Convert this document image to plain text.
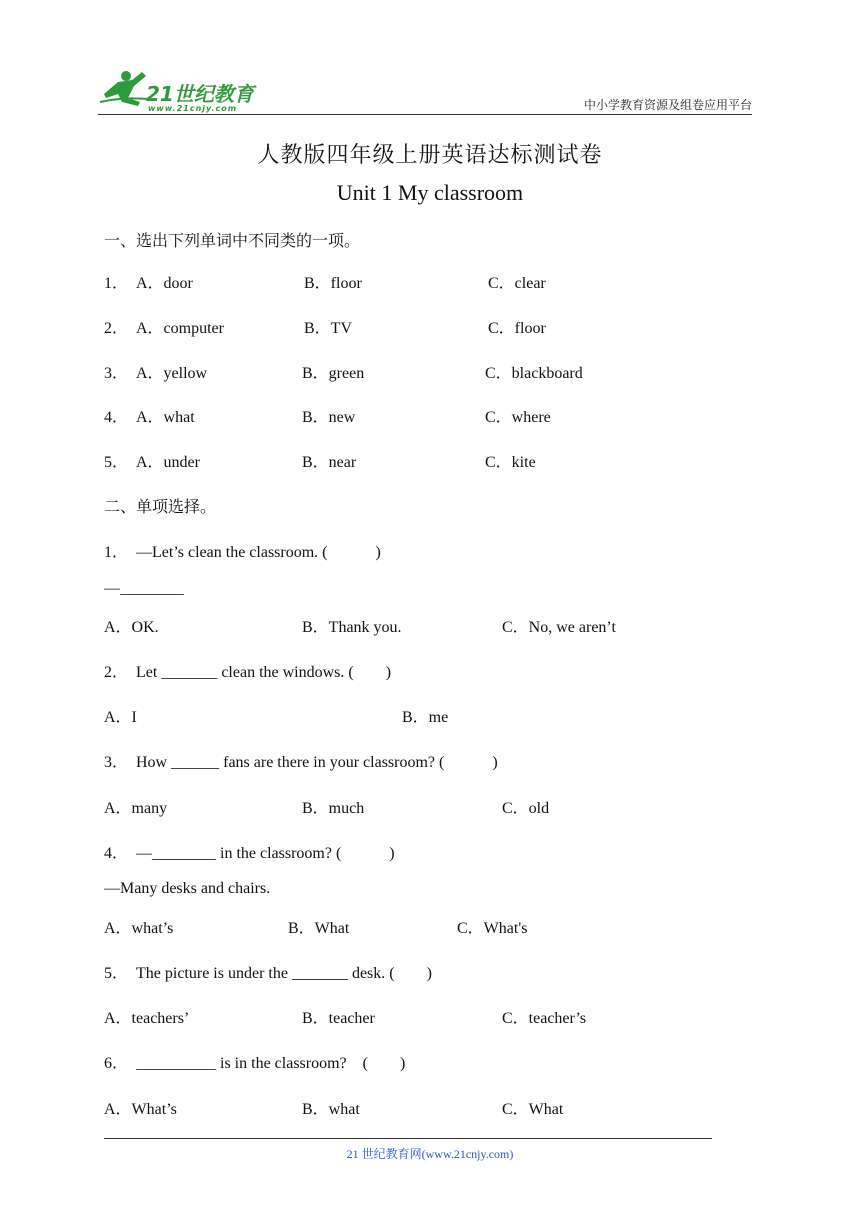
21世纪教育
www.21cnjy.com	中小学教育资源及组卷应用平台
人教版四年级上册英语达标测试卷
Unit 1 My classroom
一、选出下列单词中不同类的一项。
1． A．door	B．floor	C．clear
2． A．computer	B．TV	C．floor
3． A．yellow	B．green	C．blackboard
4． A．what	B．new	C．where
5． A．under	B．near	C．kite
二、单项选择。
1． —Let’s clean the classroom. (　　　)
—________
A．OK.	B．Thank you.	C．No, we aren’t
2． Let _______ clean the windows. (　　)
A．I	B．me
3． How ______ fans are there in your classroom? (　　　)
A．many	B．much	C．old
4． —________ in the classroom? (　　　)
—Many desks and chairs.
A．what’s	B．What	C．What's
5． The picture is under the _______ desk. (　　)
A．teachers’	B．teacher	C．teacher’s
6． __________ is in the classroom?　(　　)
A．What’s	B．what	C．What
21 世纪教育网(www.21cnjy.com)
